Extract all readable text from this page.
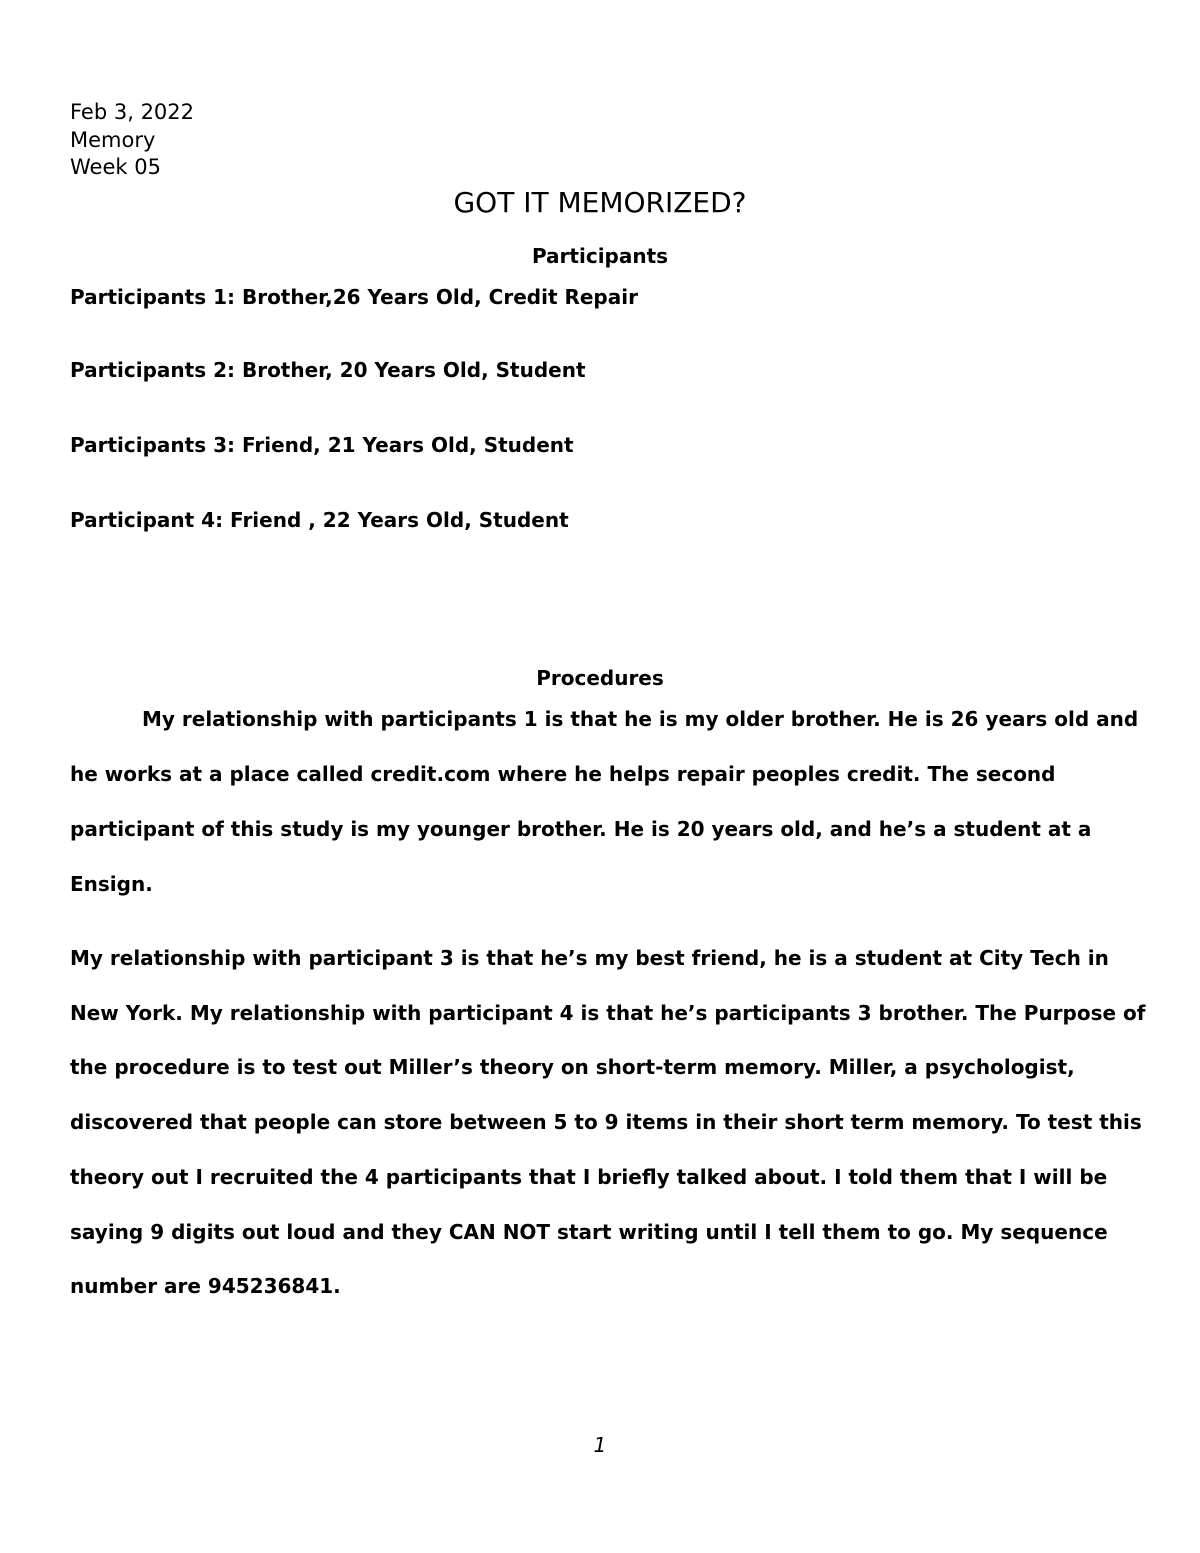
Feb 3, 2022
Memory
Week 05
GOT IT MEMORIZED?
Participants
Participants 1: Brother,26 Years Old, Credit Repair
Participants 2: Brother, 20 Years Old, Student
Participants 3: Friend, 21 Years Old, Student
Participant 4: Friend , 22 Years Old, Student
Procedures
My relationship with participants 1 is that he is my older brother. He is 26 years old and
he works at a place called credit.com where he helps repair peoples credit. The second
participant of this study is my younger brother. He is 20 years old, and he’s a student at a
Ensign.
My relationship with participant 3 is that he’s my best friend, he is a student at City Tech in
New York. My relationship with participant 4 is that he’s participants 3 brother. The Purpose of
the procedure is to test out Miller’s theory on short-term memory. Miller, a psychologist,
discovered that people can store between 5 to 9 items in their short term memory. To test this
theory out I recruited the 4 participants that I briefly talked about. I told them that I will be
saying 9 digits out loud and they CAN NOT start writing until I tell them to go. My sequence
number are 945236841.
1
